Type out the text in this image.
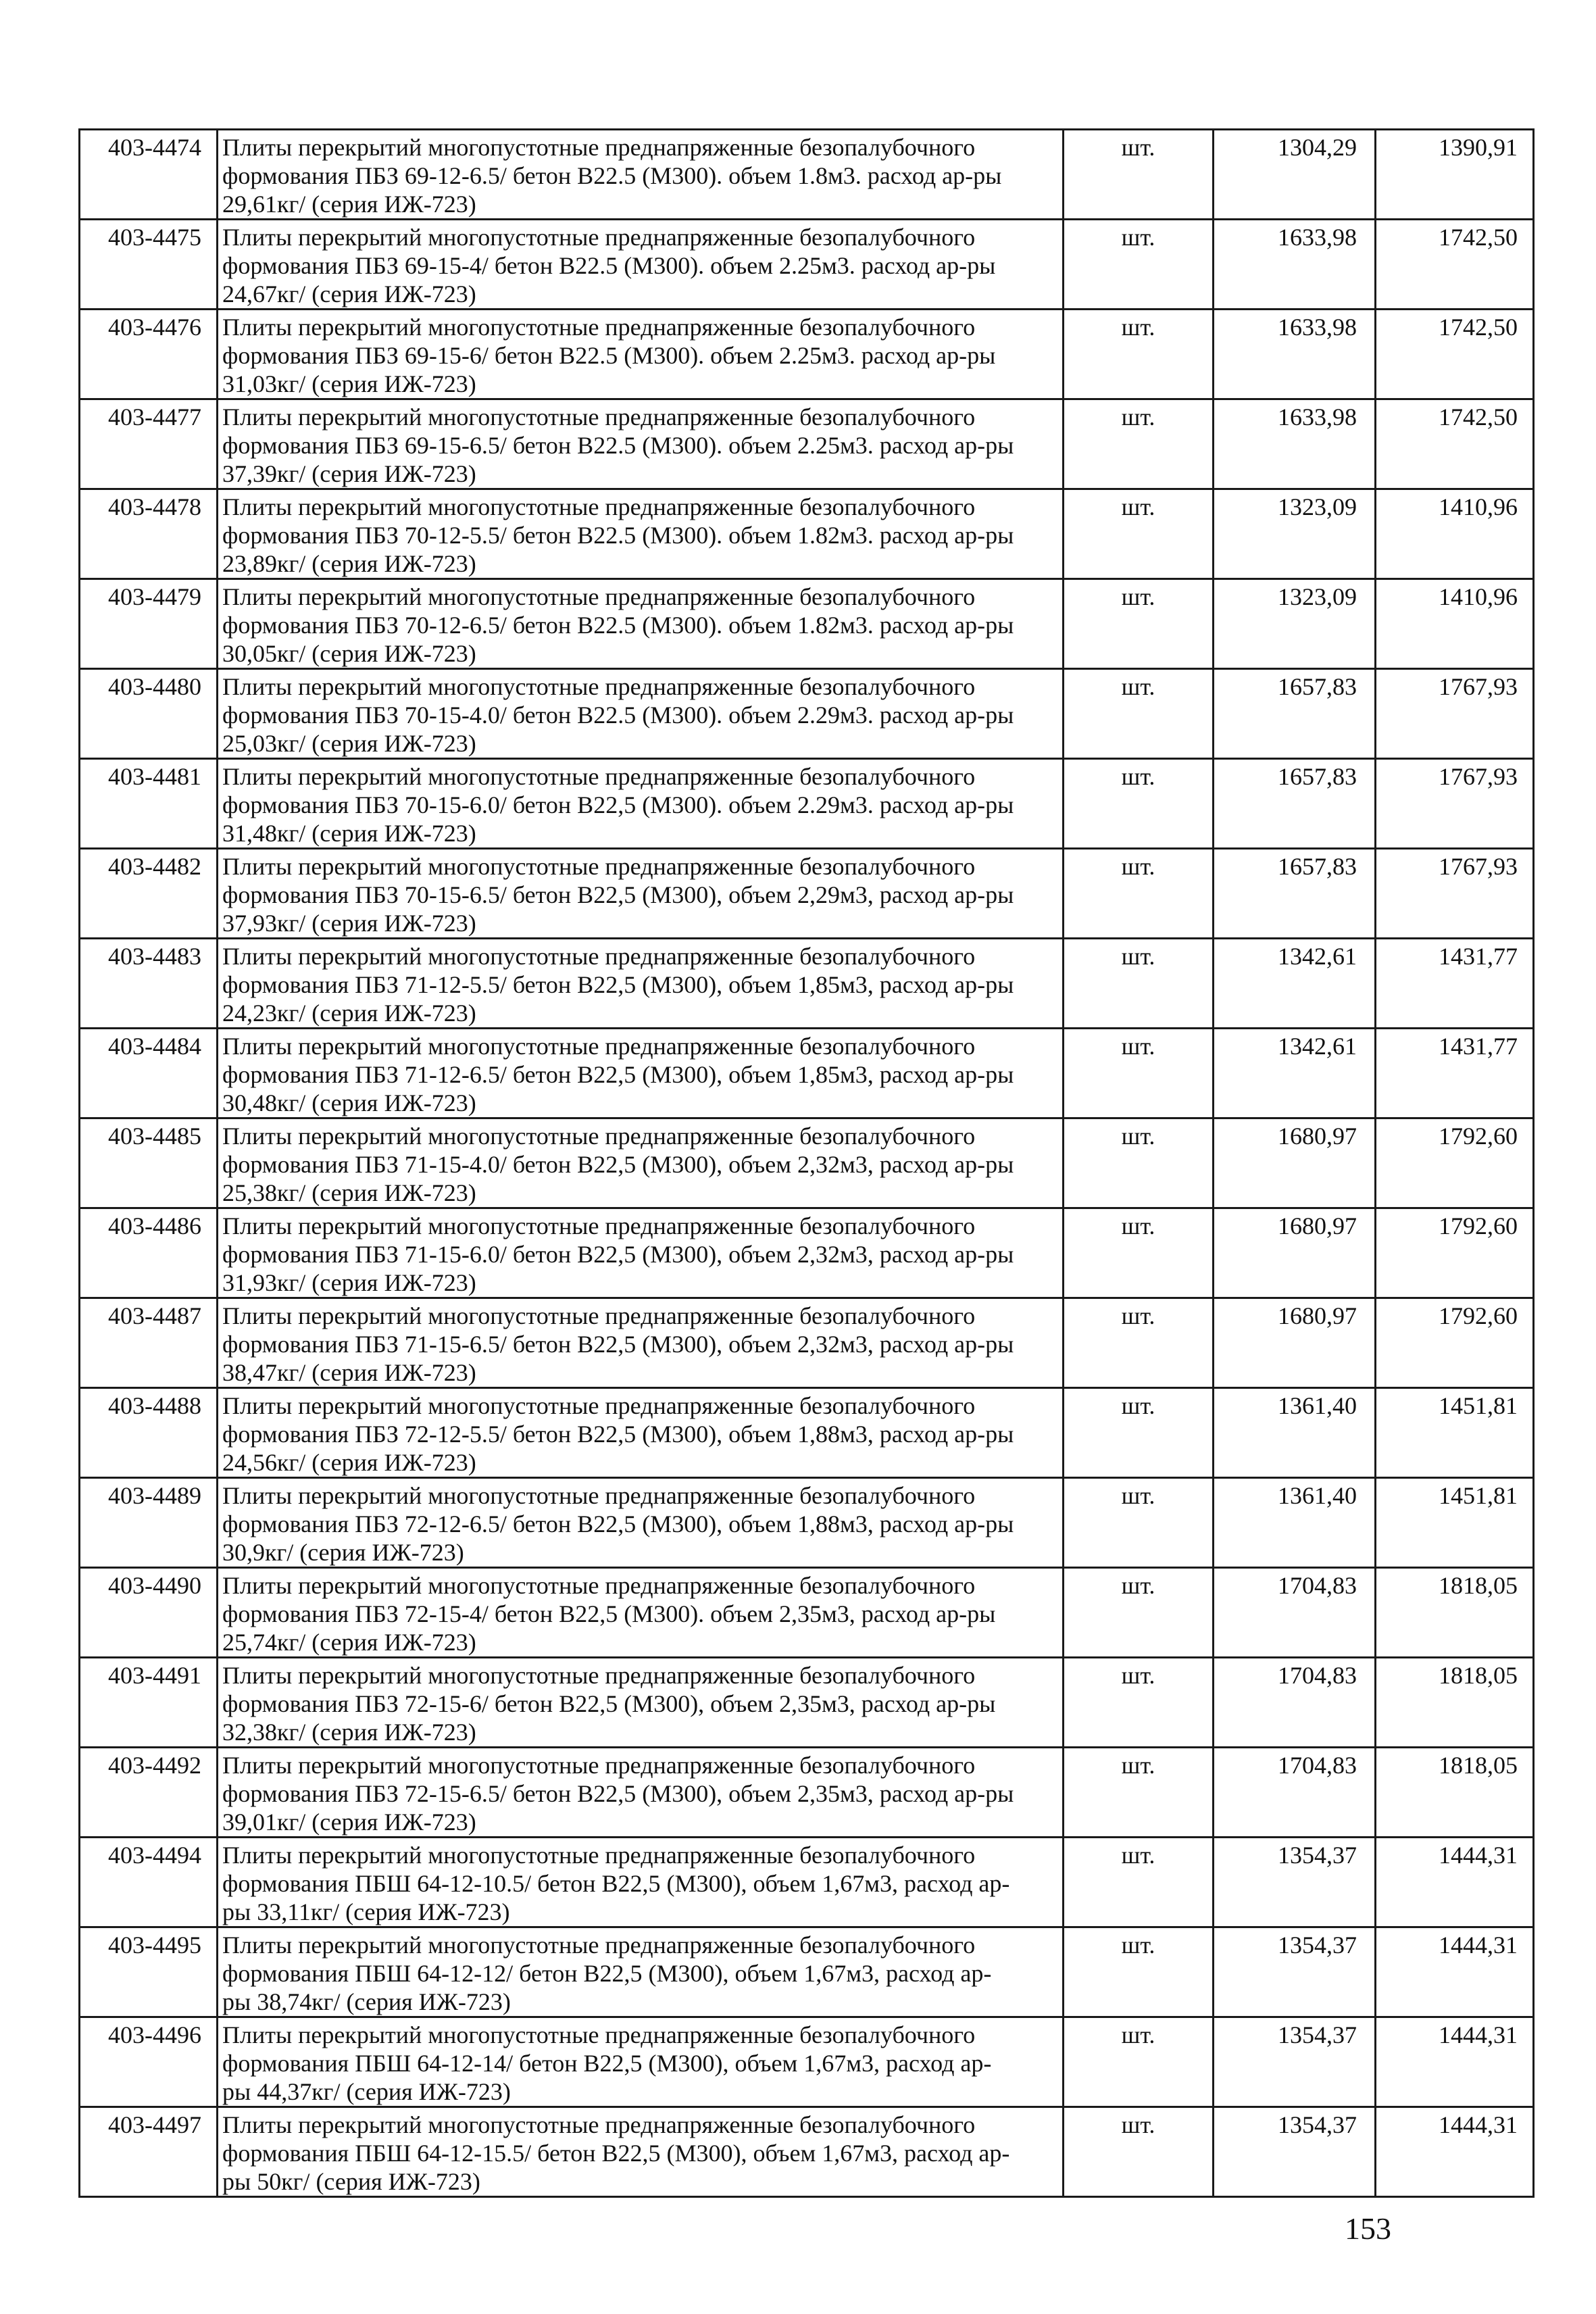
403-4474	Плиты перекрытий многопустотные преднапряженные безопалубочного
формования ПБЗ 69-12-6.5/ бетон В22.5 (М300). объем 1.8м3. расход ар-ры
29,61кг/ (серия ИЖ-723)	шт.	1304,29	1390,91
403-4475	Плиты перекрытий многопустотные преднапряженные безопалубочного
формования ПБЗ 69-15-4/ бетон В22.5 (М300). объем 2.25м3. расход ар-ры
24,67кг/ (серия ИЖ-723)	шт.	1633,98	1742,50
403-4476	Плиты перекрытий многопустотные преднапряженные безопалубочного
формования ПБЗ 69-15-6/ бетон В22.5 (М300). объем 2.25м3. расход ар-ры
31,03кг/ (серия ИЖ-723)	шт.	1633,98	1742,50
403-4477	Плиты перекрытий многопустотные преднапряженные безопалубочного
формования ПБЗ 69-15-6.5/ бетон В22.5 (М300). объем 2.25м3. расход ар-ры
37,39кг/ (серия ИЖ-723)	шт.	1633,98	1742,50
403-4478	Плиты перекрытий многопустотные преднапряженные безопалубочного
формования ПБЗ 70-12-5.5/ бетон В22.5 (М300). объем 1.82м3. расход ар-ры
23,89кг/ (серия ИЖ-723)	шт.	1323,09	1410,96
403-4479	Плиты перекрытий многопустотные преднапряженные безопалубочного
формования ПБЗ 70-12-6.5/ бетон В22.5 (М300). объем 1.82м3. расход ар-ры
30,05кг/ (серия ИЖ-723)	шт.	1323,09	1410,96
403-4480	Плиты перекрытий многопустотные преднапряженные безопалубочного
формования ПБЗ 70-15-4.0/ бетон В22.5 (М300). объем 2.29м3. расход ар-ры
25,03кг/ (серия ИЖ-723)	шт.	1657,83	1767,93
403-4481	Плиты перекрытий многопустотные преднапряженные безопалубочного
формования ПБЗ 70-15-6.0/ бетон В22,5 (М300). объем 2.29м3. расход ар-ры
31,48кг/ (серия ИЖ-723)	шт.	1657,83	1767,93
403-4482	Плиты перекрытий многопустотные преднапряженные безопалубочного
формования ПБЗ 70-15-6.5/ бетон В22,5 (М300), объем 2,29м3, расход ар-ры
37,93кг/ (серия ИЖ-723)	шт.	1657,83	1767,93
403-4483	Плиты перекрытий многопустотные преднапряженные безопалубочного
формования ПБЗ 71-12-5.5/ бетон В22,5 (М300), объем 1,85м3, расход ар-ры
24,23кг/ (серия ИЖ-723)	шт.	1342,61	1431,77
403-4484	Плиты перекрытий многопустотные преднапряженные безопалубочного
формования ПБЗ 71-12-6.5/ бетон В22,5 (М300), объем 1,85м3, расход ар-ры
30,48кг/ (серия ИЖ-723)	шт.	1342,61	1431,77
403-4485	Плиты перекрытий многопустотные преднапряженные безопалубочного
формования ПБЗ 71-15-4.0/ бетон В22,5 (М300), объем 2,32м3, расход ар-ры
25,38кг/ (серия ИЖ-723)	шт.	1680,97	1792,60
403-4486	Плиты перекрытий многопустотные преднапряженные безопалубочного
формования ПБЗ 71-15-6.0/ бетон В22,5 (М300), объем 2,32м3, расход ар-ры
31,93кг/ (серия ИЖ-723)	шт.	1680,97	1792,60
403-4487	Плиты перекрытий многопустотные преднапряженные безопалубочного
формования ПБЗ 71-15-6.5/ бетон В22,5 (М300), объем 2,32м3, расход ар-ры
38,47кг/ (серия ИЖ-723)	шт.	1680,97	1792,60
403-4488	Плиты перекрытий многопустотные преднапряженные безопалубочного
формования ПБЗ 72-12-5.5/ бетон В22,5 (М300), объем 1,88м3, расход ар-ры
24,56кг/ (серия ИЖ-723)	шт.	1361,40	1451,81
403-4489	Плиты перекрытий многопустотные преднапряженные безопалубочного
формования ПБЗ 72-12-6.5/ бетон В22,5 (М300), объем 1,88м3, расход ар-ры
30,9кг/ (серия ИЖ-723)	шт.	1361,40	1451,81
403-4490	Плиты перекрытий многопустотные преднапряженные безопалубочного
формования ПБЗ 72-15-4/ бетон В22,5 (М300). объем 2,35м3, расход ар-ры
25,74кг/ (серия ИЖ-723)	шт.	1704,83	1818,05
403-4491	Плиты перекрытий многопустотные преднапряженные безопалубочного
формования ПБЗ 72-15-6/ бетон В22,5 (М300), объем 2,35м3, расход ар-ры
32,38кг/ (серия ИЖ-723)	шт.	1704,83	1818,05
403-4492	Плиты перекрытий многопустотные преднапряженные безопалубочного
формования ПБЗ 72-15-6.5/ бетон В22,5 (М300), объем 2,35м3, расход ар-ры
39,01кг/ (серия ИЖ-723)	шт.	1704,83	1818,05
403-4494	Плиты перекрытий многопустотные преднапряженные безопалубочного
формования ПБШ 64-12-10.5/ бетон В22,5 (М300), объем 1,67м3, расход ар-
ры 33,11кг/ (серия ИЖ-723)	шт.	1354,37	1444,31
403-4495	Плиты перекрытий многопустотные преднапряженные безопалубочного
формования ПБШ 64-12-12/ бетон В22,5 (М300), объем 1,67м3, расход ар-
ры 38,74кг/ (серия ИЖ-723)	шт.	1354,37	1444,31
403-4496	Плиты перекрытий многопустотные преднапряженные безопалубочного
формования ПБШ 64-12-14/ бетон В22,5 (М300), объем 1,67м3, расход ар-
ры 44,37кг/ (серия ИЖ-723)	шт.	1354,37	1444,31
403-4497	Плиты перекрытий многопустотные преднапряженные безопалубочного
формования ПБШ 64-12-15.5/ бетон В22,5 (М300), объем 1,67м3, расход ар-
ры 50кг/ (серия ИЖ-723)	шт.	1354,37	1444,31
153
